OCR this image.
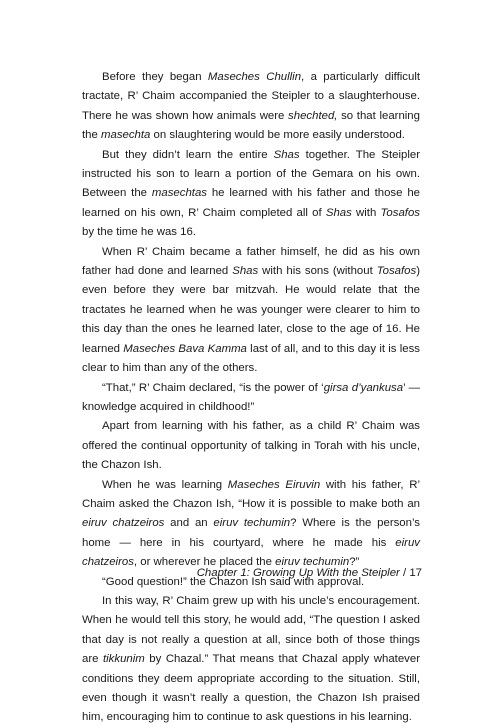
Before they began Maseches Chullin, a particularly difficult tractate, R’ Chaim accompanied the Steipler to a slaughterhouse. There he was shown how animals were shechted, so that learning the masechta on slaughtering would be more easily understood.

But they didn’t learn the entire Shas together. The Steipler instructed his son to learn a portion of the Gemara on his own. Between the masechtas he learned with his father and those he learned on his own, R’ Chaim completed all of Shas with Tosafos by the time he was 16.

When R’ Chaim became a father himself, he did as his own father had done and learned Shas with his sons (without Tosafos) even before they were bar mitzvah. He would relate that the tractates he learned when he was younger were clearer to him to this day than the ones he learned later, close to the age of 16. He learned Maseches Bava Kamma last of all, and to this day it is less clear to him than any of the others.

“That,” R’ Chaim declared, “is the power of ‘girsa d’yankusa’ — knowledge acquired in childhood!”

Apart from learning with his father, as a child R’ Chaim was offered the continual opportunity of talking in Torah with his uncle, the Chazon Ish.

When he was learning Maseches Eiruvin with his father, R’ Chaim asked the Chazon Ish, “How it is possible to make both an eiruv chatzeiros and an eiruv techumin? Where is the person’s home — here in his courtyard, where he made his eiruv chatzeiros, or wherever he placed the eiruv techumin?”

“Good question!” the Chazon Ish said with approval.

In this way, R’ Chaim grew up with his uncle’s encouragement. When he would tell this story, he would add, “The question I asked that day is not really a question at all, since both of those things are tikkunim by Chazal.” That means that Chazal apply whatever conditions they deem appropriate according to the situation. Still, even though it wasn’t really a question, the Chazon Ish praised him, encouraging him to continue to ask questions in his learning.

Chapter 1: Growing Up With the Steipler / 17
